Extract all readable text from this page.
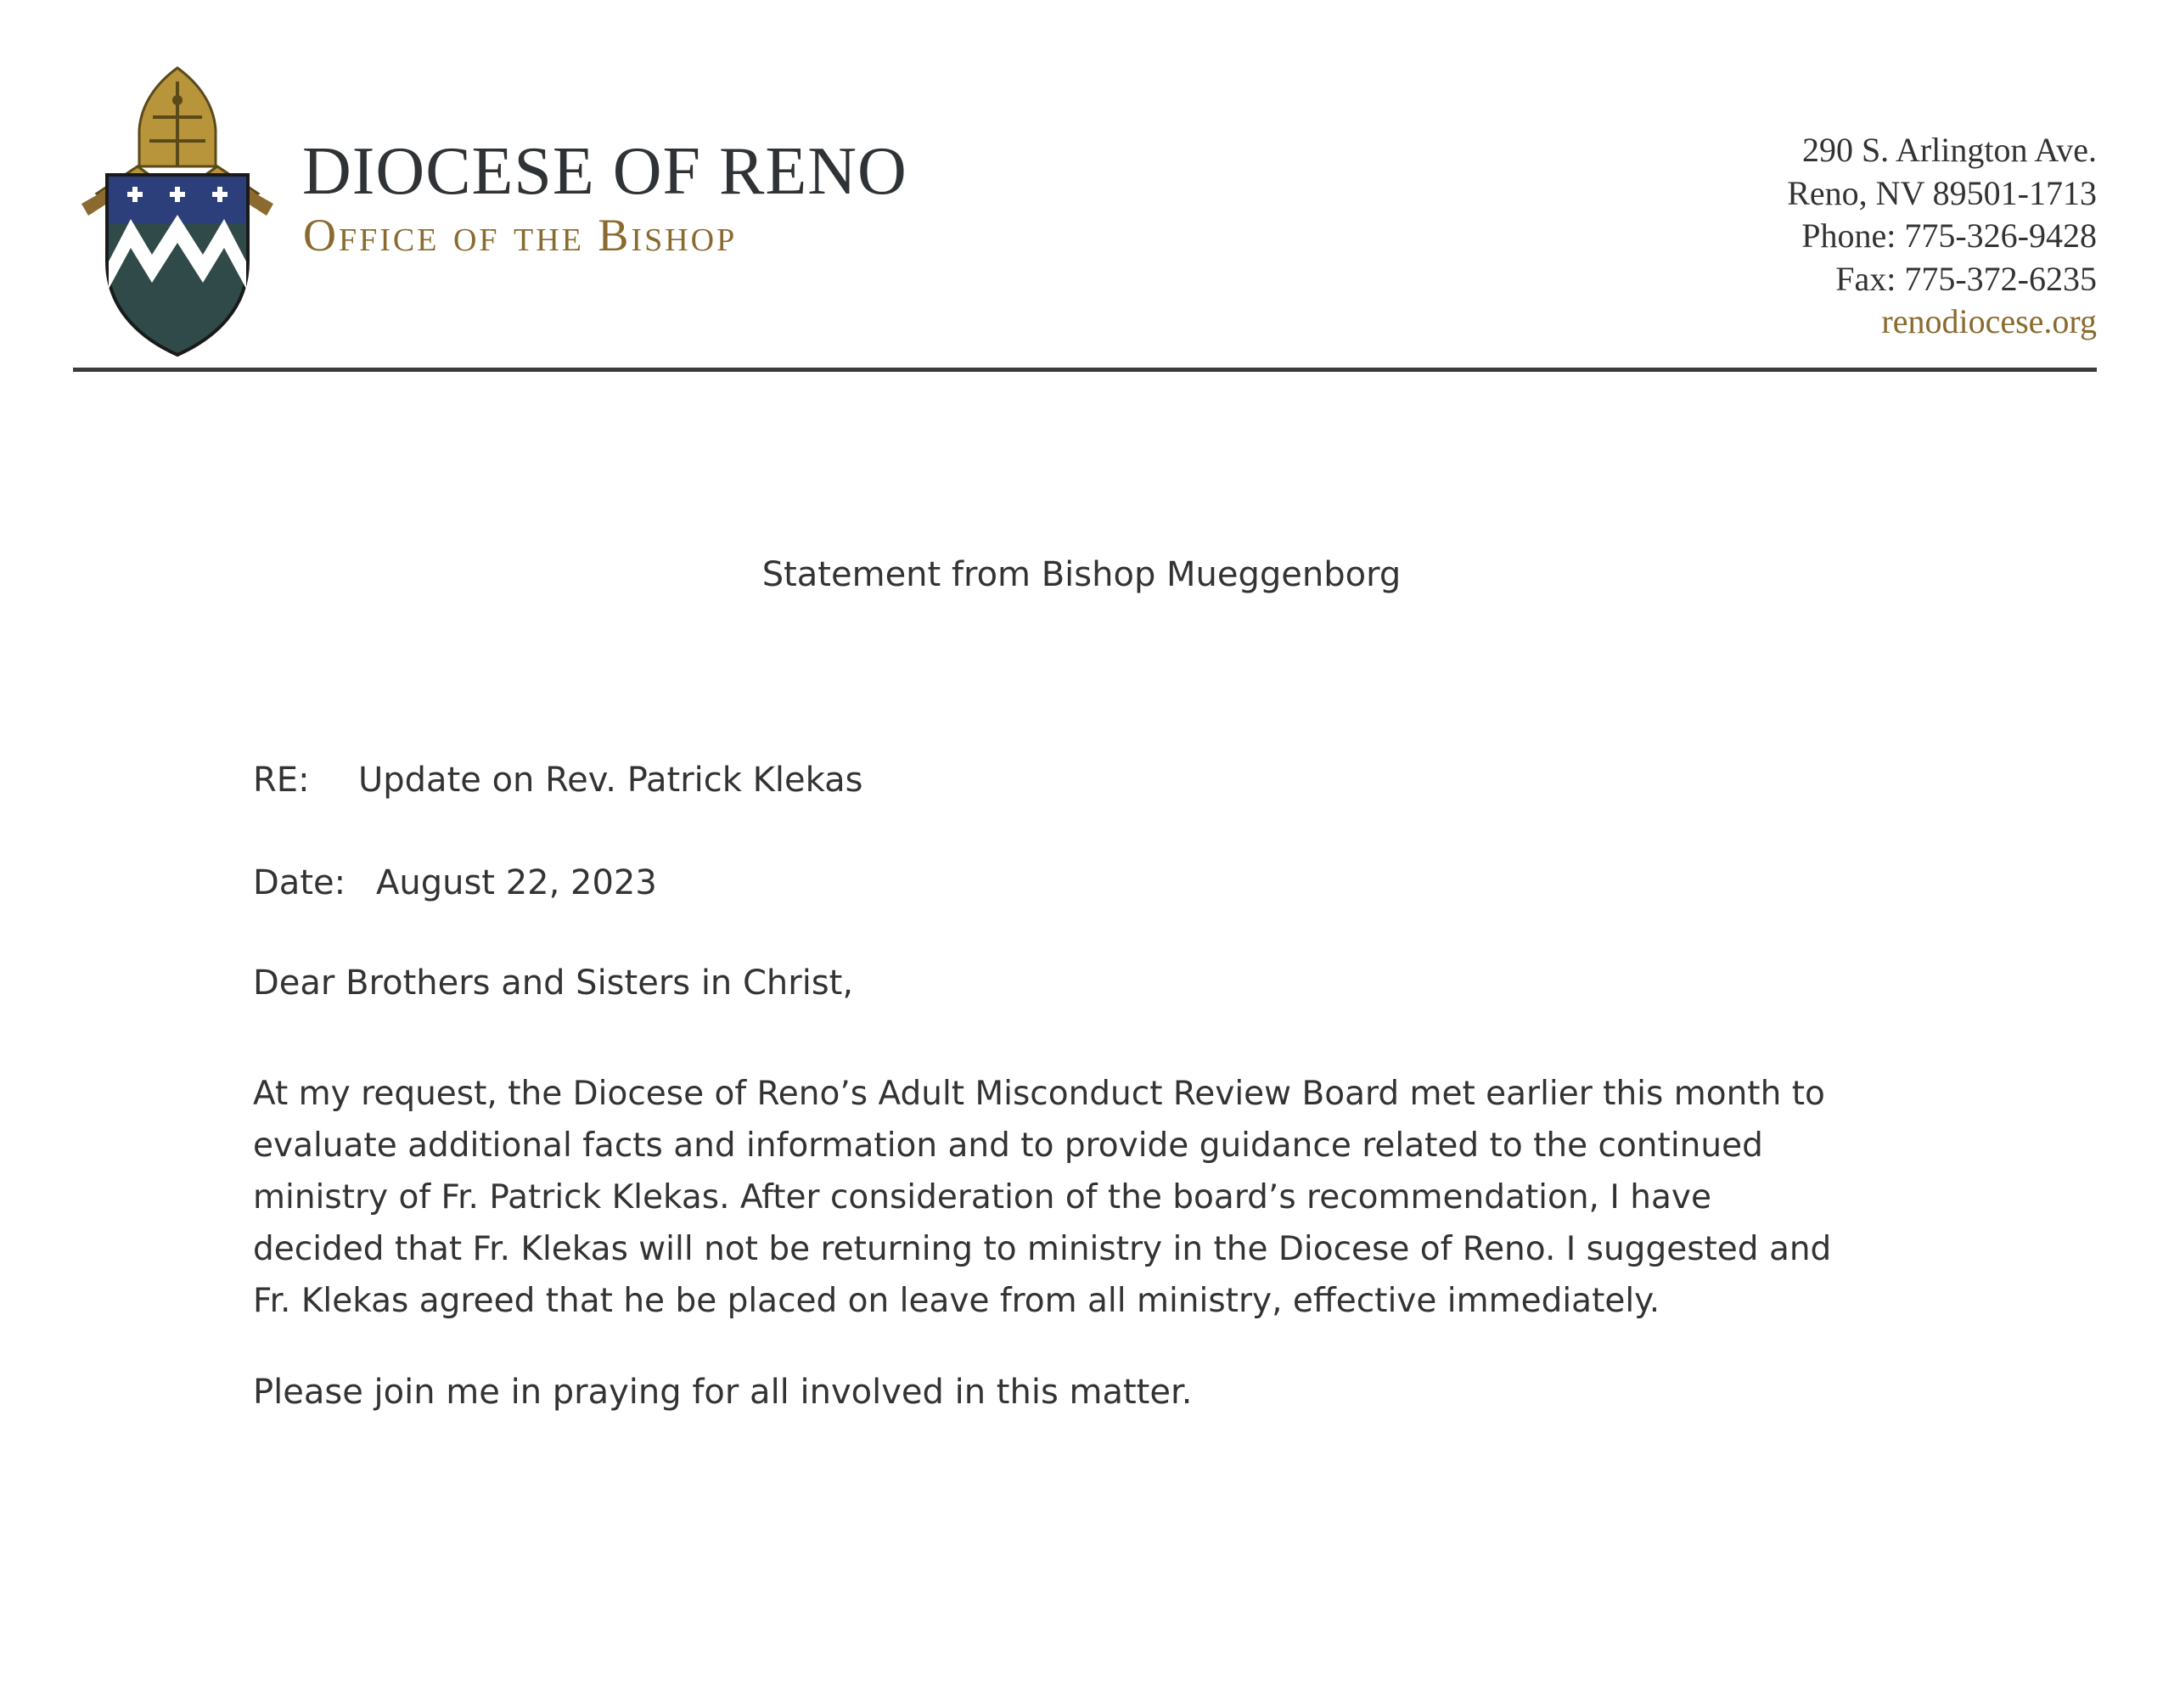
DIOCESE OF RENO
Office of the Bishop
290 S. Arlington Ave.
Reno, NV 89501-1713
Phone: 775-326-9428
Fax: 775-372-6235
renodiocese.org
Statement from Bishop Mueggenborg
RE: Update on Rev. Patrick Klekas
Date: August 22, 2023
Dear Brothers and Sisters in Christ,
At my request, the Diocese of Reno’s Adult Misconduct Review Board met earlier this month to
evaluate additional facts and information and to provide guidance related to the continued
ministry of Fr. Patrick Klekas. After consideration of the board’s recommendation, I have
decided that Fr. Klekas will not be returning to ministry in the Diocese of Reno. I suggested and
Fr. Klekas agreed that he be placed on leave from all ministry, effective immediately.
Please join me in praying for all involved in this matter.
